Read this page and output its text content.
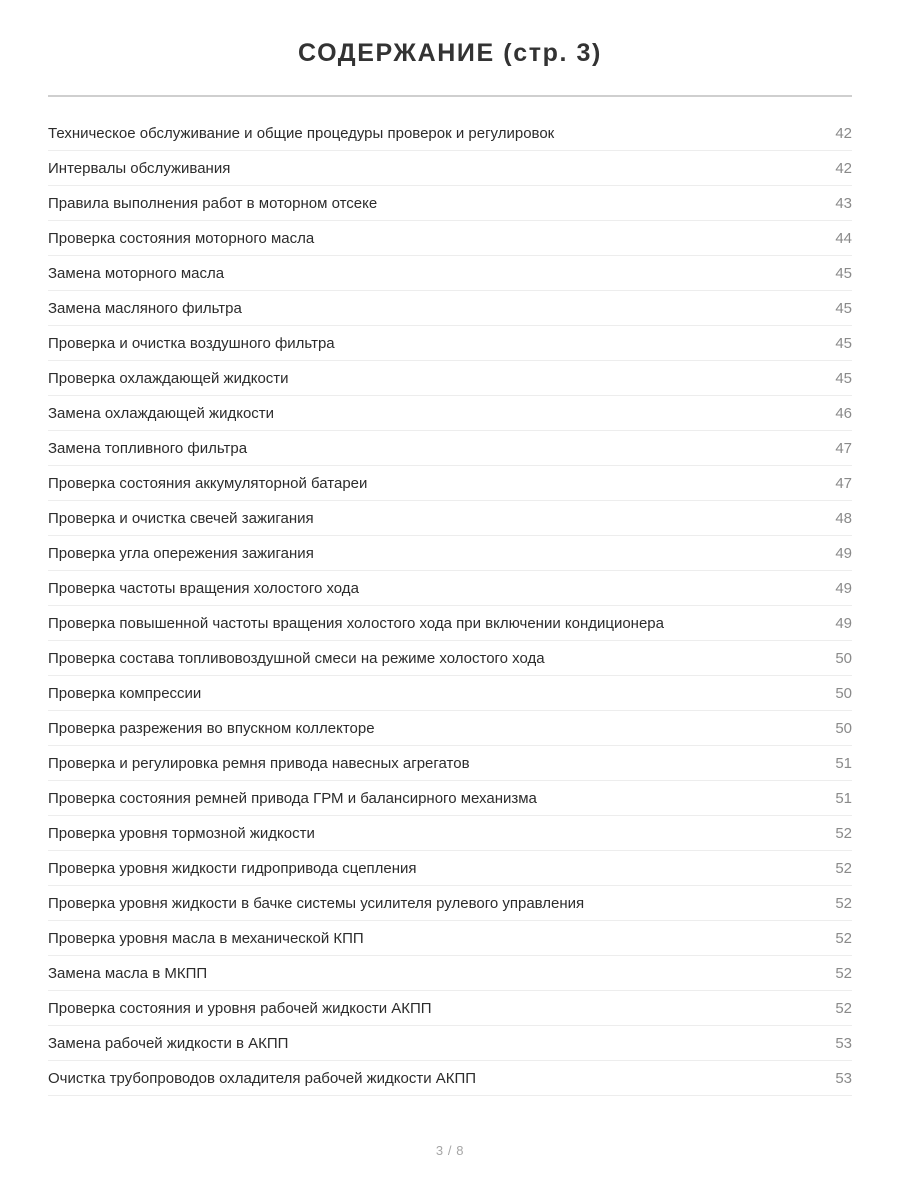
СОДЕРЖАНИЕ (стр. 3)
Техническое обслуживание и общие процедуры проверок и регулировок	42
Интервалы обслуживания	42
Правила выполнения работ в моторном отсеке	43
Проверка состояния моторного масла	44
Замена моторного масла	45
Замена масляного фильтра	45
Проверка и очистка воздушного фильтра	45
Проверка охлаждающей жидкости	45
Замена охлаждающей жидкости	46
Замена топливного фильтра	47
Проверка состояния аккумуляторной батареи	47
Проверка и очистка свечей зажигания	48
Проверка угла опережения зажигания	49
Проверка частоты вращения холостого хода	49
Проверка повышенной частоты вращения холостого хода при включении кондиционера	49
Проверка состава топливовоздушной смеси на режиме холостого хода	50
Проверка компрессии	50
Проверка разрежения во впускном коллекторе	50
Проверка и регулировка ремня привода навесных агрегатов	51
Проверка состояния ремней привода ГРМ и балансирного механизма	51
Проверка уровня тормозной жидкости	52
Проверка уровня жидкости гидропривода сцепления	52
Проверка уровня жидкости в бачке системы усилителя рулевого управления	52
Проверка уровня масла в механической КПП	52
Замена масла в МКПП	52
Проверка состояния и уровня рабочей жидкости АКПП	52
Замена рабочей жидкости в АКПП	53
Очистка трубопроводов охладителя рабочей жидкости АКПП	53
3 / 8
